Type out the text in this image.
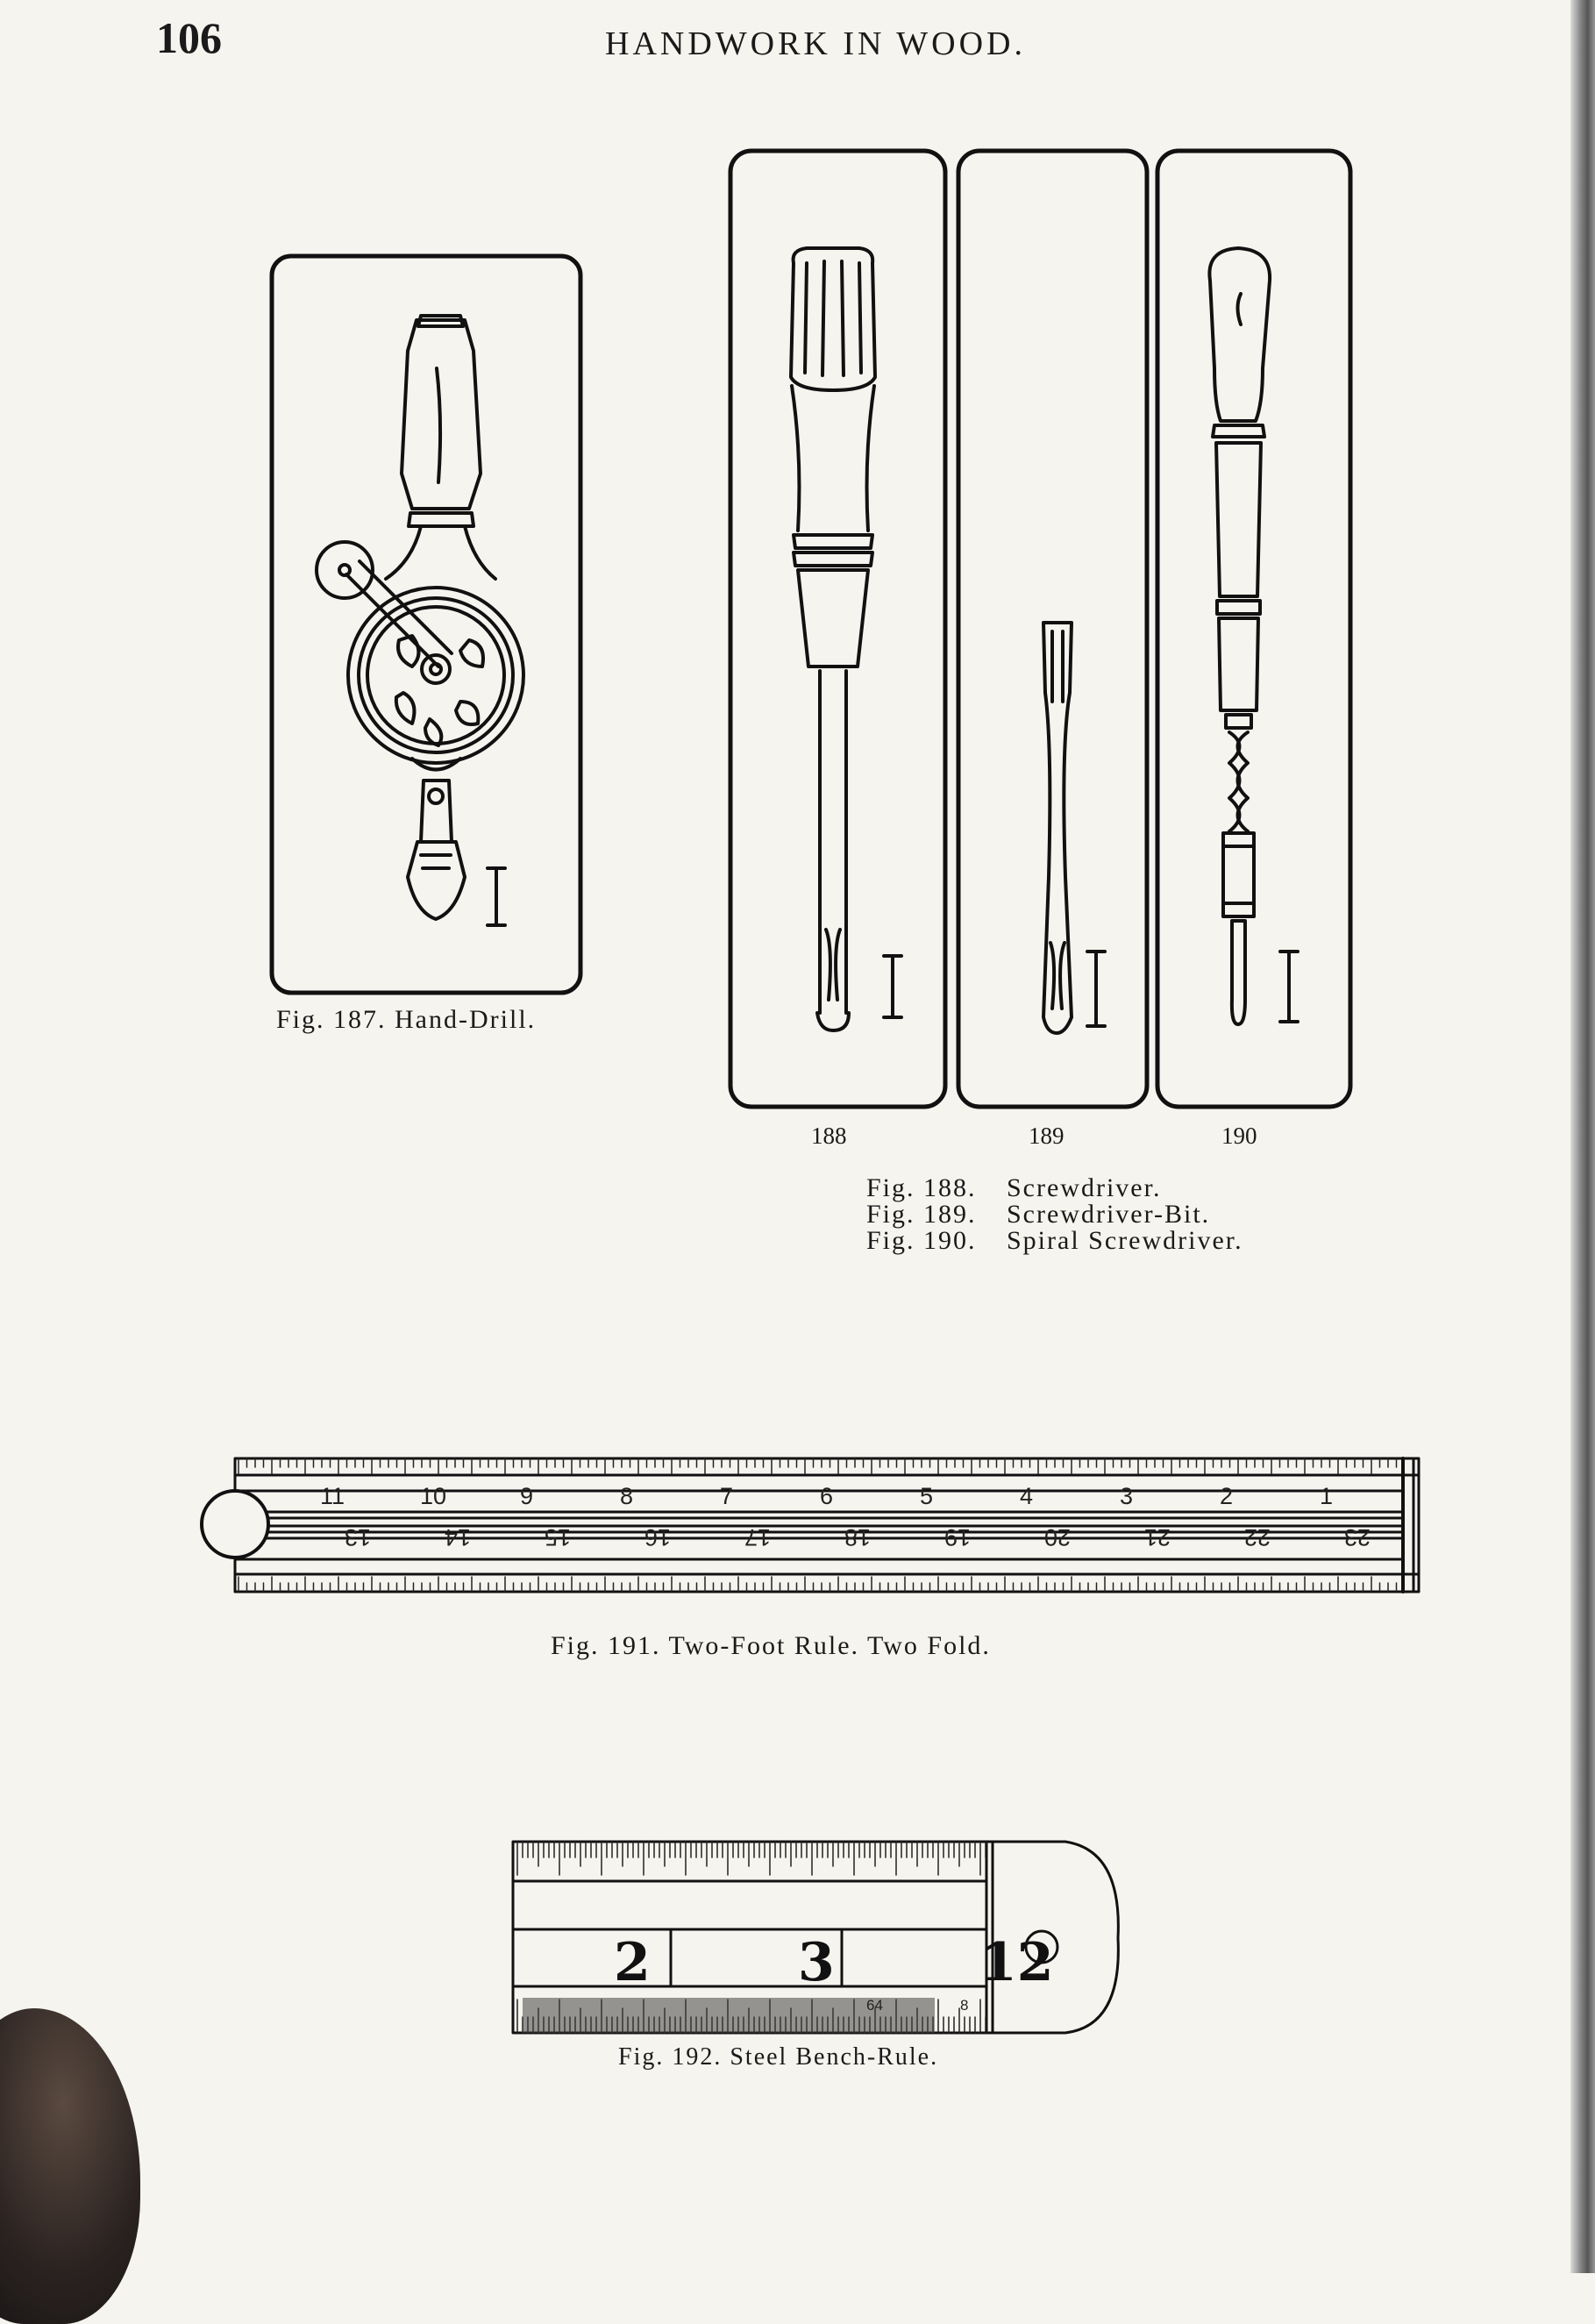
106	HANDWORK IN WOOD.
11	10	9	8	7	6	5	4	3	2	1
13	14	15	16	17	18	19	20	21	22	23
2	3	12
64	8
Fig. 187. Hand-Drill.
188	189	190
Fig. 188.	Screwdriver.
Fig. 189.	Screwdriver-Bit.
Fig. 190.	Spiral Screwdriver.
Fig. 191. Two-Foot Rule. Two Fold.
Fig. 192. Steel Bench-Rule.
